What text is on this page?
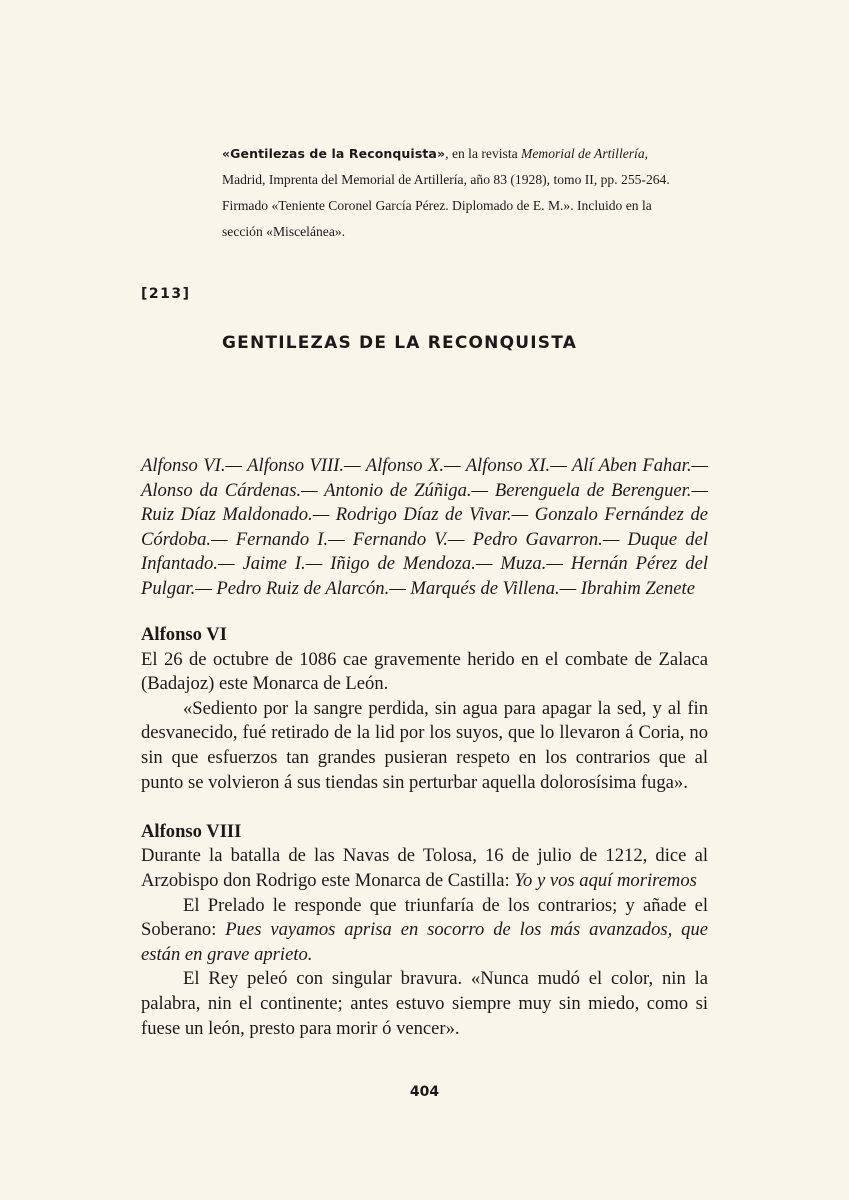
«Gentilezas de la Reconquista», en la revista Memorial de Artillería, Madrid, Imprenta del Memorial de Artillería, año 83 (1928), tomo II, pp. 255-264. Firmado «Teniente Coronel García Pérez. Diplomado de E. M.». Incluido en la sección «Miscelánea».
[213]
GENTILEZAS DE LA RECONQUISTA
Alfonso VI.— Alfonso VIII.— Alfonso X.— Alfonso XI.— Alí Aben Fahar.— Alonso da Cárdenas.— Antonio de Zúñiga.— Berenguela de Berenguer.— Ruiz Díaz Maldonado.— Rodrigo Díaz de Vivar.— Gonzalo Fernández de Córdoba.— Fernando I.— Fernando V.— Pedro Gavarron.— Duque del Infantado.— Jaime I.— Iñigo de Mendoza.— Muza.— Hernán Pérez del Pulgar.— Pedro Ruiz de Alarcón.— Marqués de Villena.— Ibrahim Zenete

Alfonso VI

El 26 de octubre de 1086 cae gravemente herido en el combate de Zalaca (Badajoz) este Monarca de León.

«Sediento por la sangre perdida, sin agua para apagar la sed, y al fin desvanecido, fué retirado de la lid por los suyos, que lo llevaron á Coria, no sin que esfuerzos tan grandes pusieran respeto en los contrarios que al punto se volvieron á sus tiendas sin perturbar aquella dolorosísima fuga».

Alfonso VIII

Durante la batalla de las Navas de Tolosa, 16 de julio de 1212, dice al Arzobispo don Rodrigo este Monarca de Castilla: Yo y vos aquí moriremos

El Prelado le responde que triunfaría de los contrarios; y añade el Soberano: Pues vayamos aprisa en socorro de los más avanzados, que están en grave aprieto.

El Rey peleó con singular bravura. «Nunca mudó el color, nin la palabra, nin el continente; antes estuvo siempre muy sin miedo, como si fuese un león, presto para morir ó vencer».

404
